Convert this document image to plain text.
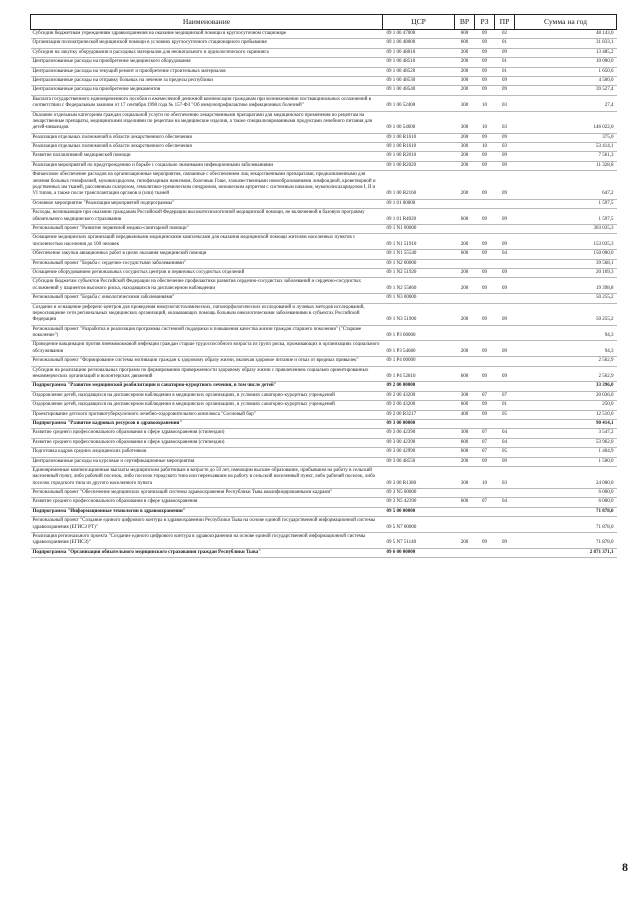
Наименование	ЦСР	ВР	РЗ	ПР	Сумма на год
Субсидии бюджетным учреждениям здравоохранения на оказание медицинской помощи в круглосуточном стационаре	09 1 00 47000	600	09	02	48 143,0
Организация психиатрической медицинской помощи в условиях круглосуточного стационарного пребывания	09 1 00 48000	600	09	01	31 833,1
Субсидии на закупку оборудования и расходных материалов для неонатального и аудиологического скрининга	09 1 00 48010	200	09	09	13 485,2
Централизованные расходы на приобретение медицинского оборудования	09 1 00 48510	200	09	01	10 000,0
Централизованные расходы на текущий ремонт и приобретение строительных материалов	09 1 00 48520	200	09	01	1 650,6
Централизованные расходы на отправку больных на лечение за пределы республики	09 1 00 48530	300	09	09	4 500,0
Централизованные расходы на приобретение медикаментов	09 1 00 48540	200	09	09	39 527,4
Выплата государственного единовременного пособия и ежемесячной денежной компенсации гражданам при возникновении поствакцинальных осложнений в соответствии с Федеральным законом от 17 сентября 1998 года № 157-ФЗ "Об иммунопрофилактике инфекционных болезней"	09 1 00 52400	300	10	03	27,4
Оказание отдельным категориям граждан социальной услуги по обеспечению лекарственными препаратами для медицинского применения по рецептам на лекарственные препараты, медицинскими изделиями по рецептам на медицинские изделия, а также специализированными продуктами лечебного питания для детей-инвалидов	09 1 00 54600	300	10	03	146 022,0
Реализация отдельных полномочий в области лекарственного обеспечения	09 1 00 R1610	200	09	09	375,0
Реализация отдельных полномочий в области лекарственного обеспечения	09 1 00 R1610	300	10	03	53 414,1
Развитие паллиативной медицинской помощи	09 1 00 R2010	200	09	09	7 561,3
Реализация мероприятий по предупреждению и борьбе с социально значимыми инфекционными заболеваниями	09 1 00 R2020	200	09	09	11 328,8
Финансовое обеспечение расходов на организационные мероприятия, связанные с обеспечением лиц лекарственными препаратами, предназначенными для лечения больных гемофилией, муковисцидозом, гипофизарным нанизмом, болезнью Гоше, злокачественными новообразованиями лимфоидной, кроветворной и родственных им тканей, рассеянным склерозом, гемолитико-уремическим синдромом, юношеским артритом с системным началом, мукополисахаридозом I, II и VI типов, а также после трансплантации органов и (или) тканей	09 1 00 R2160	200	09	09	647,2
Основное мероприятие "Реализация мероприятий подпрограммы"	09 1 01 00000				1 597,5
Расходы, возникающие при оказании гражданам Российской Федерации высокотехнологичной медицинской помощи, не включенной в базовую программу обязательного медицинского страхования	09 1 01 R4020	600	09	09	1 597,5
Региональный проект "Развитие первичной медико-санитарной помощи"	09 1 N1 00000				303 035,3
Оснащение медицинских организаций передвижными медицинскими комплексами для оказания медицинской помощи жителям населенных пунктов с численностью населения до 100 человек	09 1 N1 51910	200	09	09	153 035,3
Обеспечение закупки авиационных работ в целях оказания медицинской помощи	09 1 N1 55540	600	09	04	150 000,0
Региональный проект "Борьба с сердечно-сосудистыми заболеваниями"	09 1 N2 00000				39 568,1
Оснащение оборудованием региональных сосудистых центров и первичных сосудистых отделений	09 1 N2 51920	200	09	09	20 169,3
Субсидии бюджетам субъектов Российской Федерации на обеспечение профилактики развития сердечно-сосудистых заболеваний и сердечно-сосудистых осложнений у пациентов высокого риска, находящихся на диспансерном наблюдении	09 1 N2 55860	200	09	09	19 398,8
Региональный проект "Борьба с онкологическими заболеваниями"	09 1 N3 00000				50 255,2
Создание и оснащение референс-центров для проведения иммуногистохимических, патоморфологических исследований и лучевых методов исследований, переоснащение сети региональных медицинских организаций, оказывающих помощь больным онкологическими заболеваниями в субъектах Российской Федерации	09 1 N3 51900	200	09	09	50 255,2
Региональный проект "Разработка и реализация программы системной поддержки и повышения качества жизни граждан старшего поколения" ("Старшее поколение")	09 1 P3 00000				94,3
Проведение вакцинации против пневмококковой инфекции граждан старше трудоспособного возраста из групп риска, проживающих в организациях социального обслуживания	09 1 P3 54680	200	09	09	94,3
Региональный проект "Формирование системы мотивации граждан к здоровому образу жизни, включая здоровое питание и отказ от вредных привычек"	09 1 P4 00000				2 562,9
Субсидии на реализацию региональных программ по формированию приверженности здоровому образу жизни с привлечением социально ориентированных некоммерческих организаций и волонтерских движений	09 1 P4 52810	600	09	09	2 562,9
Подпрограмма "Развитие медицинской реабилитации и санаторно-курортного лечения, в том числе детей"	09 2 00 00000				33 396,0
Оздоровление детей, находящихся на диспансерном наблюдении в медицинских организациях, в условиях санаторно-курортных учреждений	09 2 00 43200	300	07	07	20 036,0
Оздоровление детей, находящихся на диспансерном наблюдении в медицинских организациях, в условиях санаторно-курортных учреждений	09 2 00 43200	600	09	01	250,0
Проектирование детского противотуберкулезного лечебно-оздоровительного комплекса "Сосновый бор"	09 2 00 R3217	400	09	05	12 510,0
Подпрограмма "Развитие кадровых ресурсов в здравоохранении"	09 3 00 00000				90 414,1
Развитие среднего профессионального образования в сфере здравоохранения (стипендии)	09 3 00 42390	300	07	04	3 547,2
Развитие среднего профессионального образования в сфере здравоохранения (стипендии)	09 3 00 42390	600	07	04	53 962,0
Подготовка кадров средних медицинских работников	09 3 00 42990	600	07	05	1 404,9
Централизованные расходы на курсовые и сертификационные мероприятия	09 3 00 48550	200	09	09	1 500,0
Единовременные компенсационные выплаты медицинским работникам в возрасте до 50 лет, имеющим высшее образование, прибывшим на работу в сельский населенный пункт, либо рабочий поселок, либо поселок городского типа или переехавшим на работу в сельский населенный пункт, либо рабочий поселок, либо поселок городского типа из другого населенного пункта	09 3 00 R1380	300	10	03	24 000,0
Региональный проект "Обеспечение медицинских организаций системы здравоохранения Республики Тыва квалифицированными кадрами"	09 3 N5 00000				6 000,0
Развитие среднего профессионального образования в сфере здравоохранения	09 3 N5 42390	600	07	04	6 000,0
Подпрограмма "Информационные технологии в здравоохранении"	09 5 00 00000				71 878,0
Региональный проект "Создание единого цифрового контура в здравоохранении Республики Тыва на основе единой государственной информационной системы здравоохранения (ЕГИСЗ РТ)"	09 5 N7 00000				71 878,0
Реализация регионального проекта "Создание единого цифрового контура в здравоохранении на основе единой государственной информационной системы здравоохранения (ЕГИСЗ)"	09 5 N7 51140	200	09	09	71 878,0
Подпрограмма "Организация обязательного медицинского страхования граждан Республики Тыва"	09 6 00 00000				2 871 371,1
8
